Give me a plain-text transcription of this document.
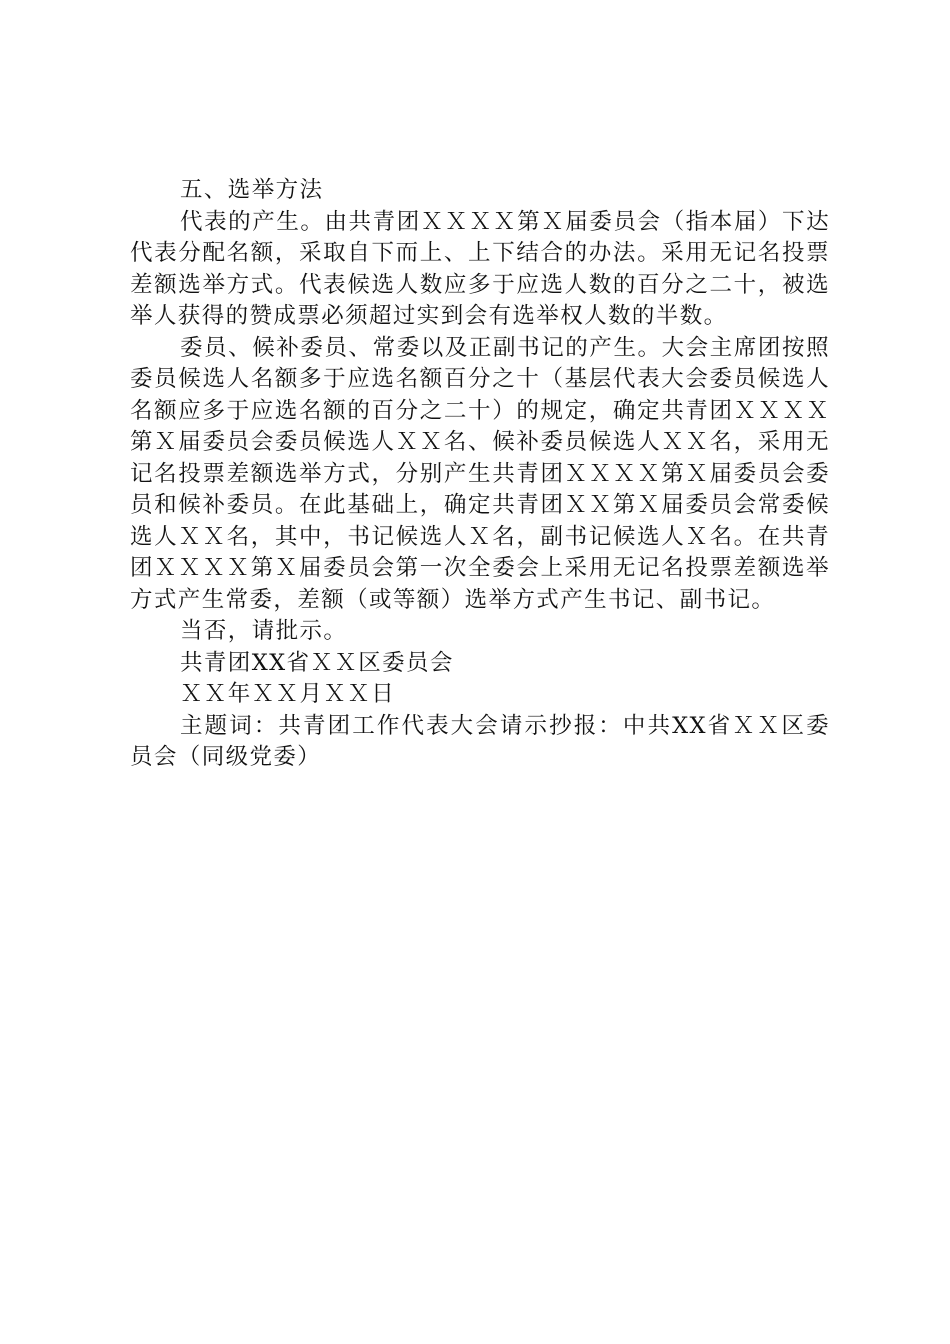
五、选举方法

代表的产生。由共青团ＸＸＸＸ第Ｘ届委员会（指本届）下达代表分配名额，采取自下而上、上下结合的办法。采用无记名投票差额选举方式。代表候选人数应多于应选人数的百分之二十，被选举人获得的赞成票必须超过实到会有选举权人数的半数。

委员、候补委员、常委以及正副书记的产生。大会主席团按照委员候选人名额多于应选名额百分之十（基层代表大会委员候选人名额应多于应选名额的百分之二十）的规定，确定共青团ＸＸＸＸ第Ｘ届委员会委员候选人ＸＸ名、候补委员候选人ＸＸ名，采用无记名投票差额选举方式，分别产生共青团ＸＸＸＸ第Ｘ届委员会委员和候补委员。在此基础上，确定共青团ＸＸ第Ｘ届委员会常委候选人ＸＸ名，其中，书记候选人Ｘ名，副书记候选人Ｘ名。在共青团ＸＸＸＸ第Ｘ届委员会第一次全委会上采用无记名投票差额选举方式产生常委，差额（或等额）选举方式产生书记、副书记。

当否，请批示。

共青团XX省ＸＸ区委员会

ＸＸ年ＸＸ月ＸＸ日

主题词：共青团工作代表大会请示抄报：中共XX省ＸＸ区委员会（同级党委）
